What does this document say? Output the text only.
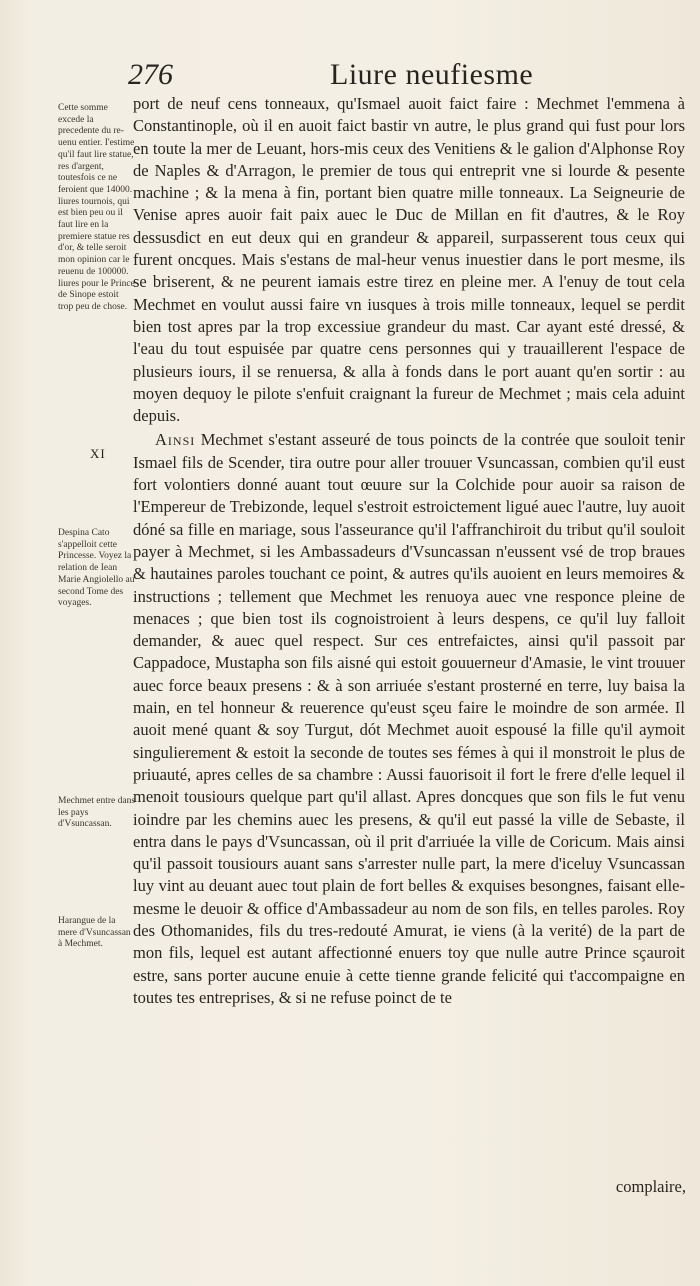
276	Liure neufiesme
Cette somme excede la precedente du re-uenu entier. I'estime qu'il faut lire statue, res d'argent, toutesfois ce ne feroient que 14000. liures tournois, qui est bien peu ou il faut lire en la premiere statue res d'or, & telle seroit mon opinion car le reuenu de 100000. liures pour le Prince de Sinope estoit trop peu de chose.
XI
Despina Cato s'appelloit cette Princesse. Voyez la relation de Iean Marie Angiolello au second Tome des voyages.
Mechmet entre dans les pays d'Vsuncassan.
Harangue de la mere d'Vsuncassan à Mechmet.

port de neuf cens tonneaux, qu'Ismael auoit faict faire : Mechmet l'emmena à Constantinople, où il en auoit faict bastir vn autre, le plus grand qui fust pour lors en toute la mer de Leuant, hors-mis ceux des Venitiens & le galion d'Alphonse Roy de Naples & d'Arragon, le premier de tous qui entreprit vne si lourde & pesente machine ; & la mena à fin, portant bien quatre mille tonneaux. La Seigneurie de Venise apres auoir fait paix auec le Duc de Millan en fit d'autres, & le Roy dessusdict en eut deux qui en grandeur & appareil, surpasserent tous ceux qui furent oncques. Mais s'estans de mal-heur venus inuestier dans le port mesme, ils se briserent, & ne peurent iamais estre tirez en pleine mer. A l'enuy de tout cela Mechmet en voulut aussi faire vn iusques à trois mille tonneaux, lequel se perdit bien tost apres par la trop excessiue grandeur du mast. Car ayant esté dressé, & l'eau du tout espuisée par quatre cens personnes qui y trauaillerent l'espace de plusieurs iours, il se renuersa, & alla à fonds dans le port auant qu'en sortir : au moyen dequoy le pilote s'enfuit craignant la fureur de Mechmet ; mais cela aduint depuis.

Ainsi Mechmet s'estant asseuré de tous poincts de la contrée que souloit tenir Ismael fils de Scender, tira outre pour aller trouuer Vsuncassan, combien qu'il eust fort volontiers donné auant tout œuure sur la Colchide pour auoir sa raison de l'Empereur de Trebizonde, lequel s'estroit estroictement ligué auec l'autre, luy auoit dóné sa fille en mariage, sous l'asseurance qu'il l'affranchiroit du tribut qu'il souloit payer à Mechmet, si les Ambassadeurs d'Vsuncassan n'eussent vsé de trop braues & hautaines paroles touchant ce point, & autres qu'ils auoient en leurs memoires & instructions ; tellement que Mechmet les renuoya auec vne responce pleine de menaces ; que bien tost ils cognoistroient à leurs despens, ce qu'il luy falloit demander, & auec quel respect. Sur ces entrefaictes, ainsi qu'il passoit par Cappadoce, Mustapha son fils aisné qui estoit gouuerneur d'Amasie, le vint trouuer auec force beaux presens : & à son arriuée s'estant prosterné en terre, luy baisa la main, en tel honneur & reuerence qu'eust sçeu faire le moindre de son armée. Il auoit mené quant & soy Turgut, dót Mechmet auoit espousé la fille qu'il aymoit singulierement & estoit la seconde de toutes ses fémes à qui il monstroit le plus de priuauté, apres celles de sa chambre : Aussi fauorisoit il fort le frere d'elle lequel il menoit tousiours quelque part qu'il allast. Apres doncques que son fils le fut venu ioindre par les chemins auec les presens, & qu'il eut passé la ville de Sebaste, il entra dans le pays d'Vsuncassan, où il prit d'arriuée la ville de Coricum. Mais ainsi qu'il passoit tousiours auant sans s'arrester nulle part, la mere d'iceluy Vsuncassan luy vint au deuant auec tout plain de fort belles & exquises besongnes, faisant elle-mesme le deuoir & office d'Ambassadeur au nom de son fils, en telles paroles. Roy des Othomanides, fils du tres-redouté Amurat, ie viens (à la verité) de la part de mon fils, lequel est autant affectionné enuers toy que nulle autre Prince sçauroit estre, sans porter aucune enuie à cette tienne grande felicité qui t'accompaigne en toutes tes entreprises, & si ne refuse poinct de te

complaire,
